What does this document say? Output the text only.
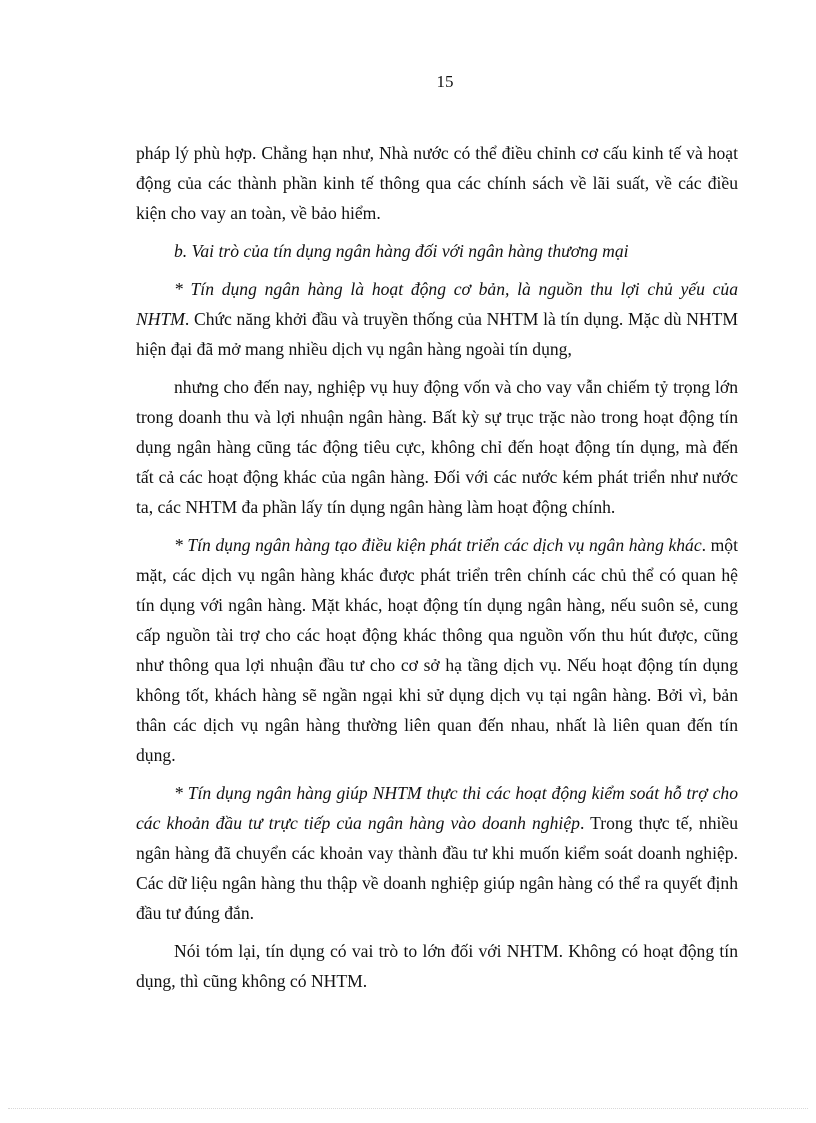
15

pháp lý phù hợp. Chẳng hạn như, Nhà nước có thể điều chỉnh cơ cấu kinh tế và hoạt động của các thành phần kinh tế thông qua các chính sách về lãi suất, về các điều kiện cho vay an toàn, về bảo hiểm.

b. Vai trò của tín dụng ngân hàng đối với ngân hàng thương mại

* Tín dụng ngân hàng là hoạt động cơ bản, là nguồn thu lợi chủ yếu của NHTM. Chức năng khởi đầu và truyền thống của NHTM là tín dụng. Mặc dù NHTM hiện đại đã mở mang nhiều dịch vụ ngân hàng ngoài tín dụng,

nhưng cho đến nay, nghiệp vụ huy động vốn và cho vay vẫn chiếm tỷ trọng lớn trong doanh thu và lợi nhuận ngân hàng. Bất kỳ sự trục trặc nào trong hoạt động tín dụng ngân hàng cũng tác động tiêu cực, không chỉ đến hoạt động tín dụng, mà đến tất cả các hoạt động khác của ngân hàng. Đối với các nước kém phát triển như nước ta, các NHTM đa phần lấy tín dụng ngân hàng làm hoạt động chính.

* Tín dụng ngân hàng tạo điều kiện phát triển các dịch vụ ngân hàng khác. một mặt, các dịch vụ ngân hàng khác được phát triển trên chính các chủ thể có quan hệ tín dụng với ngân hàng. Mặt khác, hoạt động tín dụng ngân hàng, nếu suôn sẻ, cung cấp nguồn tài trợ cho các hoạt động khác thông qua nguồn vốn thu hút được, cũng như thông qua lợi nhuận đầu tư cho cơ sở hạ tầng dịch vụ. Nếu hoạt động tín dụng không tốt, khách hàng sẽ ngần ngại khi sử dụng dịch vụ tại ngân hàng. Bởi vì, bản thân các dịch vụ ngân hàng thường liên quan đến nhau, nhất là liên quan đến tín dụng.

* Tín dụng ngân hàng giúp NHTM thực thi các hoạt động kiểm soát hỗ trợ cho các khoản đầu tư trực tiếp của ngân hàng vào doanh nghiệp. Trong thực tế, nhiều ngân hàng đã chuyển các khoản vay thành đầu tư khi muốn kiểm soát doanh nghiệp. Các dữ liệu ngân hàng thu thập về doanh nghiệp giúp ngân hàng có thể ra quyết định đầu tư đúng đắn.

Nói tóm lại, tín dụng có vai trò to lớn đối với NHTM. Không có hoạt động tín dụng, thì cũng không có NHTM.
